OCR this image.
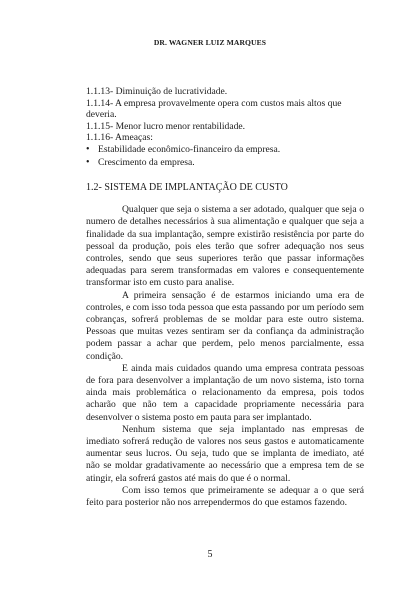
DR. WAGNER LUIZ MARQUES

1.1.13- Diminuição de lucratividade.

1.1.14- A empresa provavelmente opera com custos mais altos que deveria.

1.1.15- Menor lucro menor rentabilidade.

1.1.16- Ameaças:

• Estabilidade econômico-financeiro da empresa.
• Crescimento da empresa.
1.2- SISTEMA DE IMPLANTAÇÃO DE CUSTO

Qualquer que seja o sistema a ser adotado, qualquer que seja o numero de detalhes necessários à sua alimentação e qualquer que seja a finalidade da sua implantação, sempre existirão resistência por parte do pessoal da produção, pois eles terão que sofrer adequação nos seus controles, sendo que seus superiores terão que passar informações adequadas para serem transformadas em valores e consequentemente transformar isto em custo para analise.

A primeira sensação é de estarmos iniciando uma era de controles, e com isso toda pessoa que esta passando por um período sem cobranças, sofrerá problemas de se moldar para este outro sistema. Pessoas que muitas vezes sentiram ser da confiança da administração podem passar a achar que perdem, pelo menos parcialmente, essa condição.

E ainda mais cuidados quando uma empresa contrata pessoas de fora para desenvolver a implantação de um novo sistema, isto torna ainda mais problemática o relacionamento da empresa, pois todos acharão que não tem a capacidade propriamente necessária para desenvolver o sistema posto em pauta para ser implantado.

Nenhum sistema que seja implantado nas empresas de imediato sofrerá redução de valores nos seus gastos e automaticamente aumentar seus lucros. Ou seja, tudo que se implanta de imediato, até não se moldar gradativamente ao necessário que a empresa tem de se atingir, ela sofrerá gastos até mais do que é o normal.

Com isso temos que primeiramente se adequar a o que será feito para posterior não nos arrependermos do que estamos fazendo.

5
